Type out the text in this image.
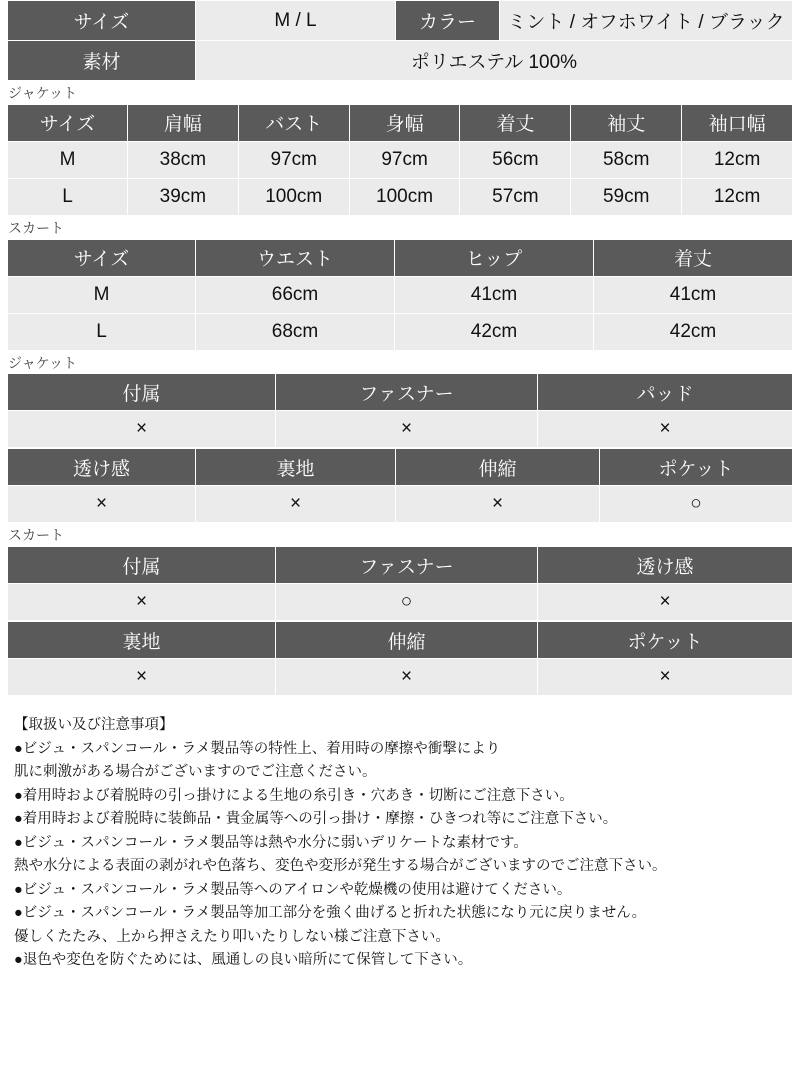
サイズ	M / L	カラー	ミント / オフホワイト / ブラック
素材	ポリエステル 100%		
ジャケット
サイズ	肩幅	バスト	身幅	着丈	袖丈	袖口幅
M	38cm	97cm	97cm	56cm	58cm	12cm
L	39cm	100cm	100cm	57cm	59cm	12cm
スカート
サイズ	ウエスト	ヒップ	着丈
M	66cm	41cm	41cm
L	68cm	42cm	42cm
ジャケット
付属	ファスナー	パッド
×	×	×
透け感	裏地	伸縮	ポケット
×	×	×	○
スカート
付属	ファスナー	透け感
×	○	×
裏地	伸縮	ポケット
×	×	×
【取扱い及び注意事項】
●ビジュ・スパンコール・ラメ製品等の特性上、着用時の摩擦や衝撃により
肌に刺激がある場合がございますのでご注意ください。
●着用時および着脱時の引っ掛けによる生地の糸引き・穴あき・切断にご注意下さい。
●着用時および着脱時に装飾品・貴金属等への引っ掛け・摩擦・ひきつれ等にご注意下さい。
●ビジュ・スパンコール・ラメ製品等は熱や水分に弱いデリケートな素材です。
熱や水分による表面の剥がれや色落ち、変色や変形が発生する場合がございますのでご注意下さい。
●ビジュ・スパンコール・ラメ製品等へのアイロンや乾燥機の使用は避けてください。
●ビジュ・スパンコール・ラメ製品等加工部分を強く曲げると折れた状態になり元に戻りません。
優しくたたみ、上から押さえたり叩いたりしない様ご注意下さい。
●退色や変色を防ぐためには、風通しの良い暗所にて保管して下さい。
